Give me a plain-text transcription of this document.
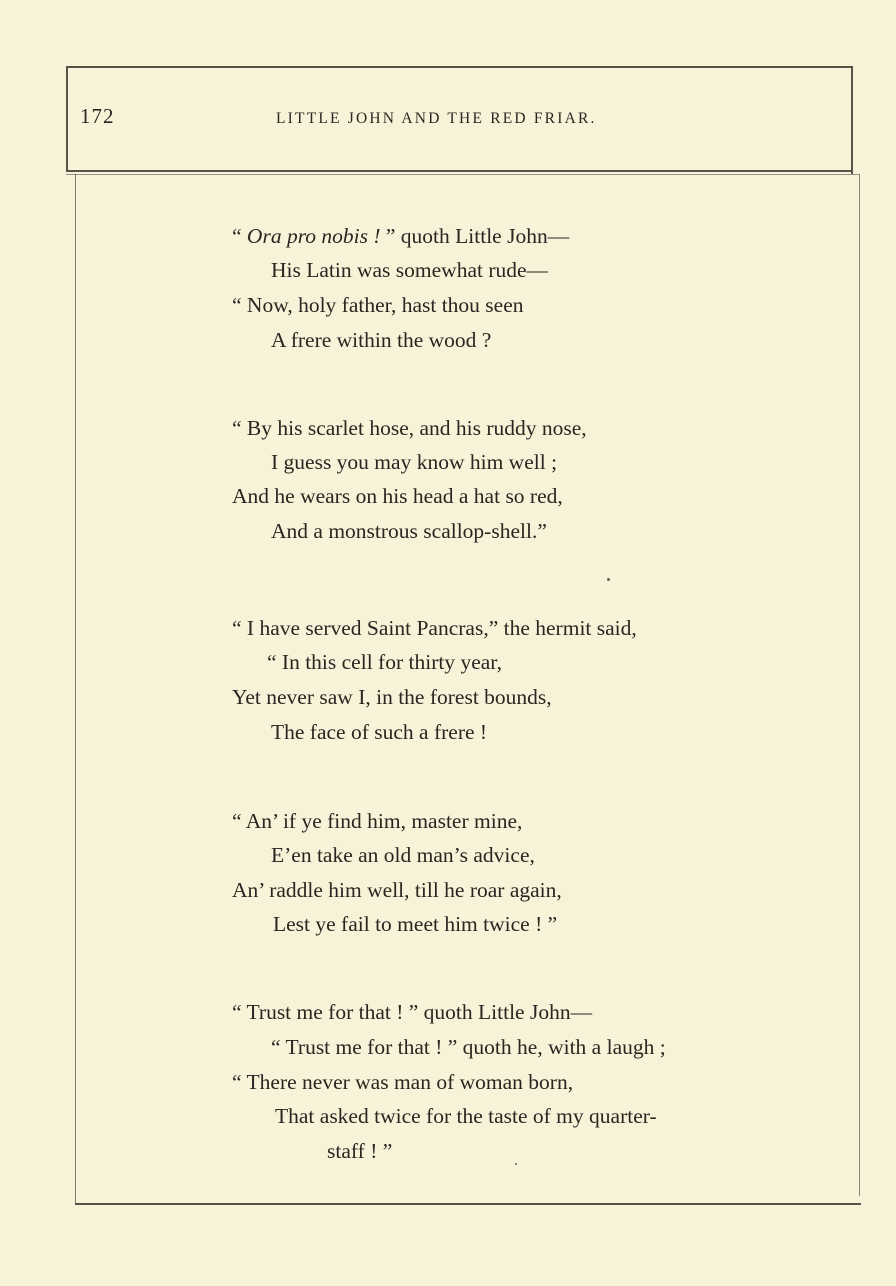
172	LITTLE JOHN AND THE RED FRIAR.
“ Ora pro nobis ! ” quoth Little John—
His Latin was somewhat rude—
“ Now, holy father, hast thou seen
A frere within the wood ?
“ By his scarlet hose, and his ruddy nose,
I guess you may know him well ;
And he wears on his head a hat so red,
And a monstrous scallop-shell.”
“ I have served Saint Pancras,” the hermit said,
“ In this cell for thirty year,
Yet never saw I, in the forest bounds,
The face of such a frere !
“ An’ if ye find him, master mine,
E’en take an old man’s advice,
An’ raddle him well, till he roar again,
Lest ye fail to meet him twice ! ”
“ Trust me for that ! ” quoth Little John—
“ Trust me for that ! ” quoth he, with a laugh ;
“ There never was man of woman born,
That asked twice for the taste of my quarter-
staff ! ”
